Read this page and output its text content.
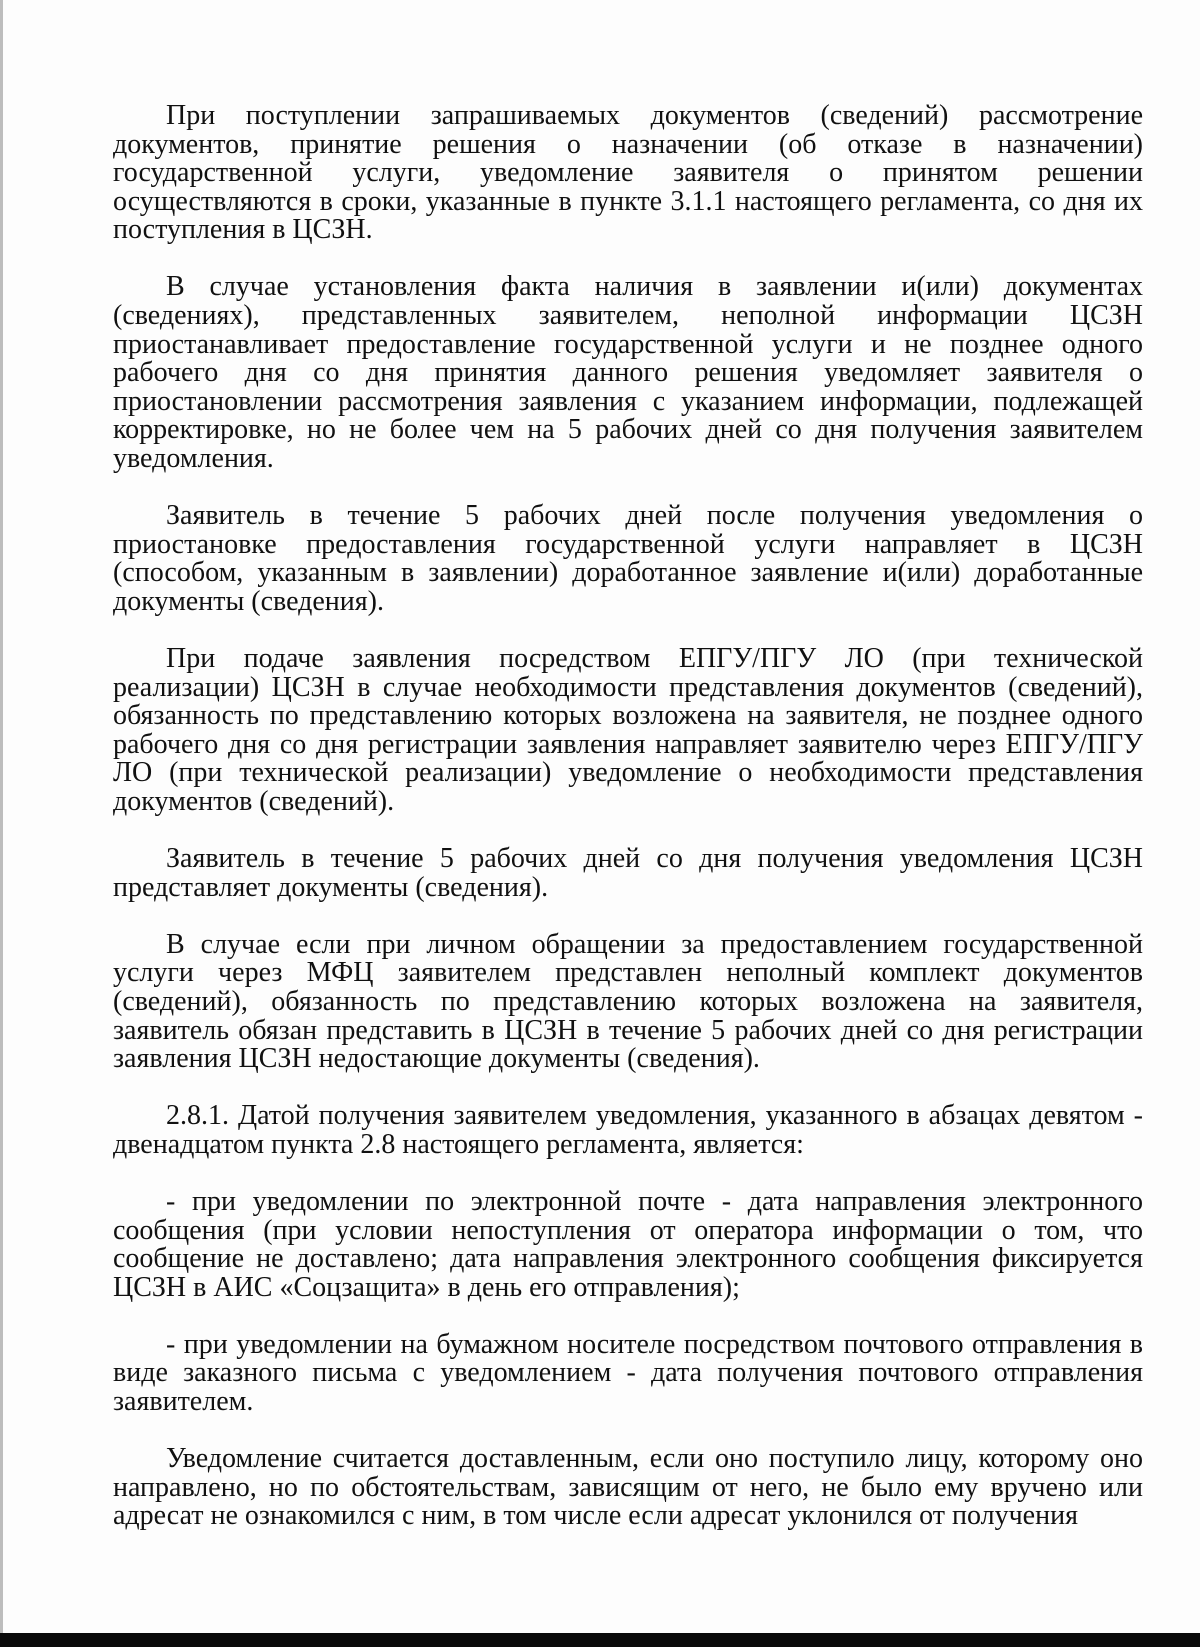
При поступлении запрашиваемых документов (сведений) рассмотрение документов, принятие решения о назначении (об отказе в назначении) государственной услуги, уведомление заявителя о принятом решении осуществляются в сроки, указанные в пункте 3.1.1 настоящего регламента, со дня их поступления в ЦСЗН.

В случае установления факта наличия в заявлении и(или) документах (сведениях), представленных заявителем, неполной информации ЦСЗН приостанавливает предоставление государственной услуги и не позднее одного рабочего дня со дня принятия данного решения уведомляет заявителя о приостановлении рассмотрения заявления с указанием информации, подлежащей корректировке, но не более чем на 5 рабочих дней со дня получения заявителем уведомления.

Заявитель в течение 5 рабочих дней после получения уведомления о приостановке предоставления государственной услуги направляет в ЦСЗН (способом, указанным в заявлении) доработанное заявление и(или) доработанные документы (сведения).

При подаче заявления посредством ЕПГУ/ПГУ ЛО (при технической реализации) ЦСЗН в случае необходимости представления документов (сведений), обязанность по представлению которых возложена на заявителя, не позднее одного рабочего дня со дня регистрации заявления направляет заявителю через ЕПГУ/ПГУ ЛО (при технической реализации) уведомление о необходимости представления документов (сведений).

Заявитель в течение 5 рабочих дней со дня получения уведомления ЦСЗН представляет документы (сведения).

В случае если при личном обращении за предоставлением государственной услуги через МФЦ заявителем представлен неполный комплект документов (сведений), обязанность по представлению которых возложена на заявителя, заявитель обязан представить в ЦСЗН в течение 5 рабочих дней со дня регистрации заявления ЦСЗН недостающие документы (сведения).

2.8.1. Датой получения заявителем уведомления, указанного в абзацах девятом - двенадцатом пункта 2.8 настоящего регламента, является:

- при уведомлении по электронной почте - дата направления электронного сообщения (при условии непоступления от оператора информации о том, что сообщение не доставлено; дата направления электронного сообщения фиксируется ЦСЗН в АИС «Соцзащита» в день его отправления);

- при уведомлении на бумажном носителе посредством почтового отправления в виде заказного письма с уведомлением - дата получения почтового отправления заявителем.

Уведомление считается доставленным, если оно поступило лицу, которому оно направлено, но по обстоятельствам, зависящим от него, не было ему вручено или адресат не ознакомился с ним, в том числе если адресат уклонился от получения
